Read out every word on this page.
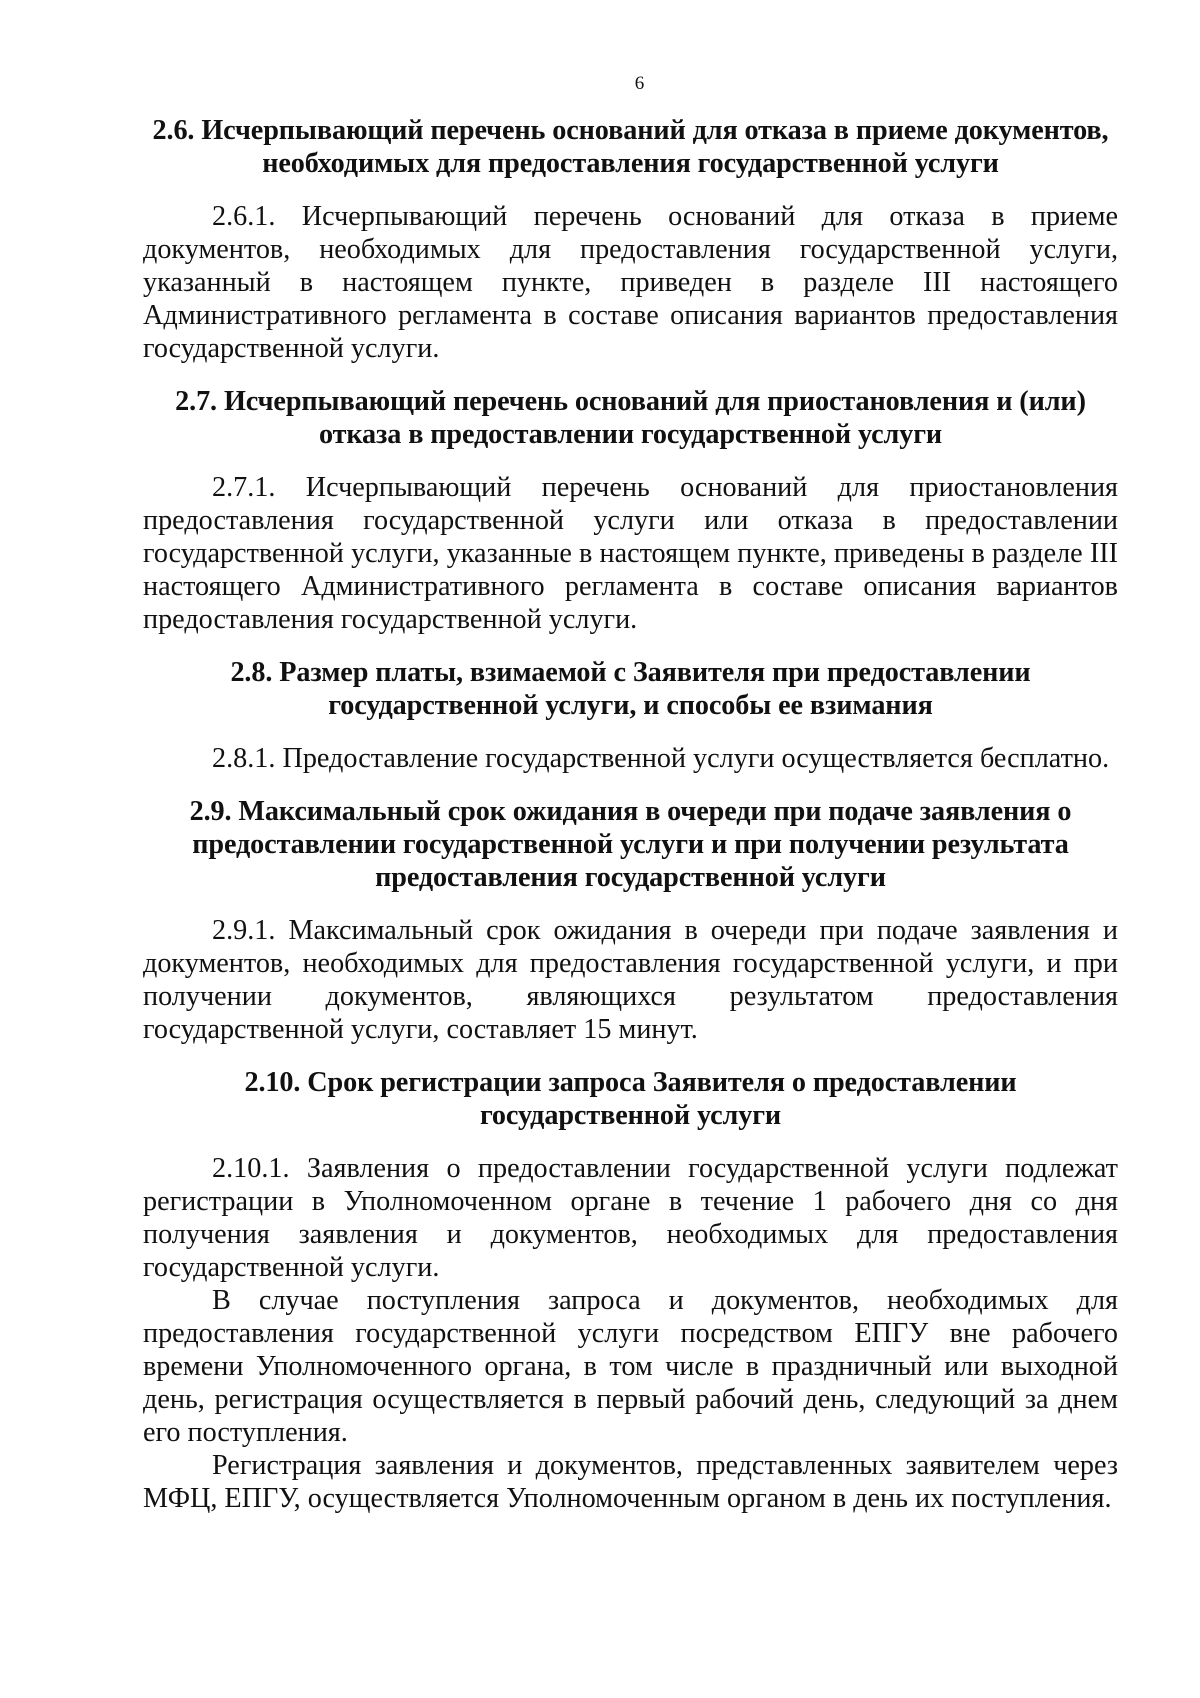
6
2.6. Исчерпывающий перечень оснований для отказа в приеме документов, необходимых для предоставления государственной услуги

2.6.1. Исчерпывающий перечень оснований для отказа в приеме документов, необходимых для предоставления государственной услуги, указанный в настоящем пункте, приведен в разделе III настоящего Административного регламента в составе описания вариантов предоставления государственной услуги.

2.7. Исчерпывающий перечень оснований для приостановления и (или) отказа в предоставлении государственной услуги

2.7.1. Исчерпывающий перечень оснований для приостановления предоставления государственной услуги или отказа в предоставлении государственной услуги, указанные в настоящем пункте, приведены в разделе III настоящего Административного регламента в составе описания вариантов предоставления государственной услуги.

2.8. Размер платы, взимаемой с Заявителя при предоставлении государственной услуги, и способы ее взимания

2.8.1. Предоставление государственной услуги осуществляется бесплатно.

2.9. Максимальный срок ожидания в очереди при подаче заявления о предоставлении государственной услуги и при получении результата предоставления государственной услуги

2.9.1. Максимальный срок ожидания в очереди при подаче заявления и документов, необходимых для предоставления государственной услуги, и при получении документов, являющихся результатом предоставления государственной услуги, составляет 15 минут.

2.10. Срок регистрации запроса Заявителя о предоставлении государственной услуги

2.10.1. Заявления о предоставлении государственной услуги подлежат регистрации в Уполномоченном органе в течение 1 рабочего дня со дня получения заявления и документов, необходимых для предоставления государственной услуги.

В случае поступления запроса и документов, необходимых для предоставления государственной услуги посредством ЕПГУ вне рабочего времени Уполномоченного органа, в том числе в праздничный или выходной день, регистрация осуществляется в первый рабочий день, следующий за днем его поступления.

Регистрация заявления и документов, представленных заявителем через МФЦ, ЕПГУ, осуществляется Уполномоченным органом в день их поступления.
